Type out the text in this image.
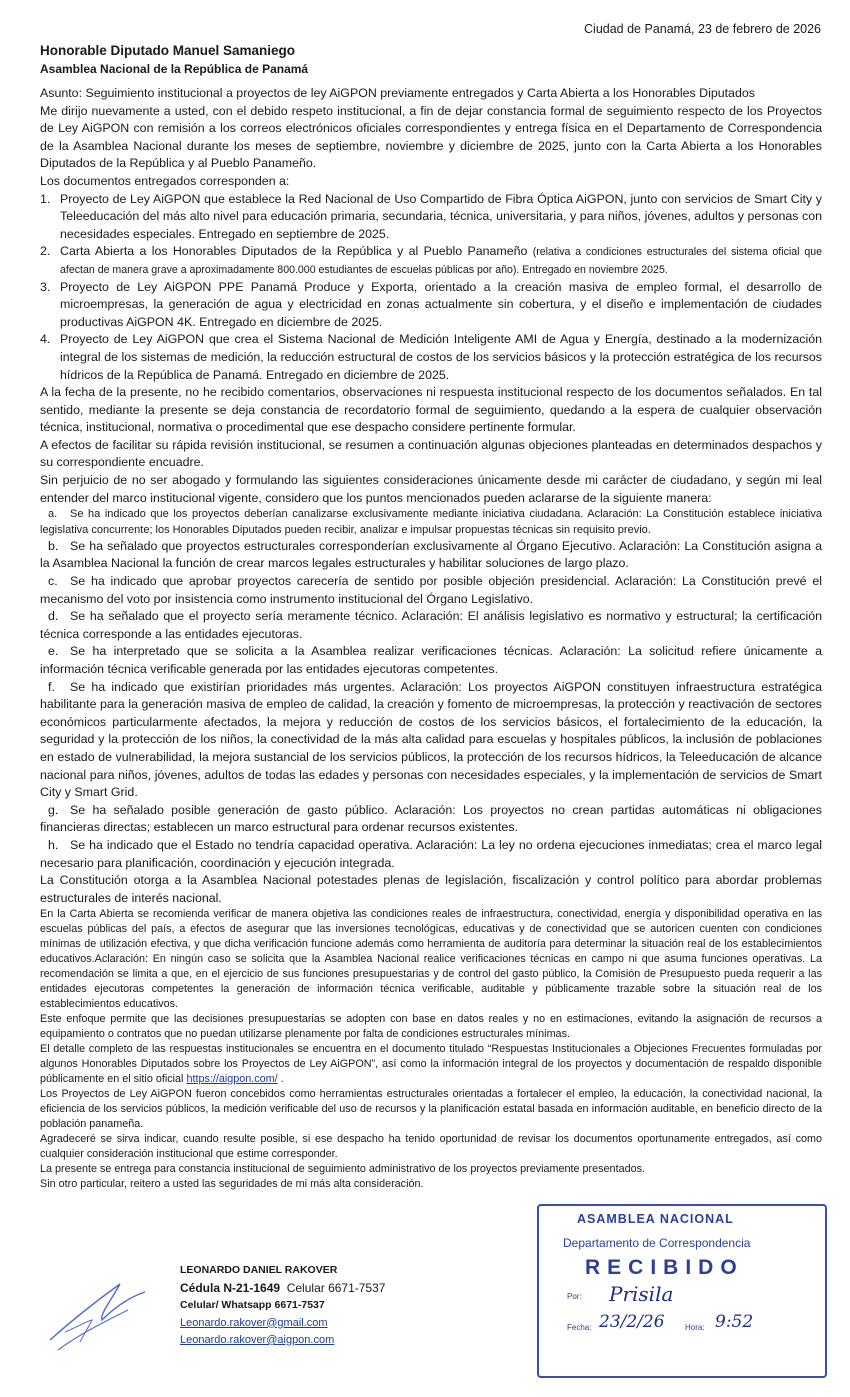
Ciudad de Panamá, 23 de febrero de 2026
Honorable Diputado Manuel Samaniego
Asamblea Nacional de la República de Panamá

Asunto: Seguimiento institucional a proyectos de ley AiGPON previamente entregados y Carta Abierta a los Honorables Diputados

Me dirijo nuevamente a usted, con el debido respeto institucional, a fin de dejar constancia formal de seguimiento respecto de los Proyectos de Ley AiGPON con remisión a los correos electrónicos oficiales correspondientes y entrega física en el Departamento de Correspondencia de la Asamblea Nacional durante los meses de septiembre, noviembre y diciembre de 2025, junto con la Carta Abierta a los Honorables Diputados de la República y al Pueblo Panameño.

Los documentos entregados corresponden a:

1. Proyecto de Ley AiGPON que establece la Red Nacional de Uso Compartido de Fibra Óptica AiGPON, junto con servicios de Smart City y Teleeducación del más alto nivel para educación primaria, secundaria, técnica, universitaria, y para niños, jóvenes, adultos y personas con necesidades especiales. Entregado en septiembre de 2025.
2. Carta Abierta a los Honorables Diputados de la República y al Pueblo Panameño (relativa a condiciones estructurales del sistema oficial que afectan de manera grave a aproximadamente 800.000 estudiantes de escuelas públicas por año). Entregado en noviembre 2025.
3. Proyecto de Ley AiGPON PPE Panamá Produce y Exporta, orientado a la creación masiva de empleo formal, el desarrollo de microempresas, la generación de agua y electricidad en zonas actualmente sin cobertura, y el diseño e implementación de ciudades productivas AiGPON 4K. Entregado en diciembre de 2025.
4. Proyecto de Ley AiGPON que crea el Sistema Nacional de Medición Inteligente AMI de Agua y Energía, destinado a la modernización integral de los sistemas de medición, la reducción estructural de costos de los servicios básicos y la protección estratégica de los recursos hídricos de la República de Panamá. Entregado en diciembre de 2025.

A la fecha de la presente, no he recibido comentarios, observaciones ni respuesta institucional respecto de los documentos señalados. En tal sentido, mediante la presente se deja constancia de recordatorio formal de seguimiento, quedando a la espera de cualquier observación técnica, institucional, normativa o procedimental que ese despacho considere pertinente formular.

A efectos de facilitar su rápida revisión institucional, se resumen a continuación algunas objeciones planteadas en determinados despachos y su correspondiente encuadre.

Sin perjuicio de no ser abogado y formulando las siguientes consideraciones únicamente desde mi carácter de ciudadano, y según mi leal entender del marco institucional vigente, considero que los puntos mencionados pueden aclararse de la siguiente manera:

a. Se ha indicado que los proyectos deberían canalizarse exclusivamente mediante iniciativa ciudadana. Aclaración: La Constitución establece iniciativa legislativa concurrente; los Honorables Diputados pueden recibir, analizar e impulsar propuestas técnicas sin requisito previo.

b. Se ha señalado que proyectos estructurales corresponderían exclusivamente al Órgano Ejecutivo. Aclaración: La Constitución asigna a la Asamblea Nacional la función de crear marcos legales estructurales y habilitar soluciones de largo plazo.

c. Se ha indicado que aprobar proyectos carecería de sentido por posible objeción presidencial. Aclaración: La Constitución prevé el mecanismo del voto por insistencia como instrumento institucional del Órgano Legislativo.

d. Se ha señalado que el proyecto sería meramente técnico. Aclaración: El análisis legislativo es normativo y estructural; la certificación técnica corresponde a las entidades ejecutoras.

e. Se ha interpretado que se solicita a la Asamblea realizar verificaciones técnicas. Aclaración: La solicitud refiere únicamente a información técnica verificable generada por las entidades ejecutoras competentes.

f. Se ha indicado que existirían prioridades más urgentes. Aclaración: Los proyectos AiGPON constituyen infraestructura estratégica habilitante para la generación masiva de empleo de calidad, la creación y fomento de microempresas, la protección y reactivación de sectores económicos particularmente afectados, la mejora y reducción de costos de los servicios básicos, el fortalecimiento de la educación, la seguridad y la protección de los niños, la conectividad de la más alta calidad para escuelas y hospitales públicos, la inclusión de poblaciones en estado de vulnerabilidad, la mejora sustancial de los servicios públicos, la protección de los recursos hídricos, la Teleeducación de alcance nacional para niños, jóvenes, adultos de todas las edades y personas con necesidades especiales, y la implementación de servicios de Smart City y Smart Grid.

g. Se ha señalado posible generación de gasto público. Aclaración: Los proyectos no crean partidas automáticas ni obligaciones financieras directas; establecen un marco estructural para ordenar recursos existentes.

h. Se ha indicado que el Estado no tendría capacidad operativa. Aclaración: La ley no ordena ejecuciones inmediatas; crea el marco legal necesario para planificación, coordinación y ejecución integrada.

La Constitución otorga a la Asamblea Nacional potestades plenas de legislación, fiscalización y control político para abordar problemas estructurales de interés nacional.

En la Carta Abierta se recomienda verificar de manera objetiva las condiciones reales de infraestructura, conectividad, energía y disponibilidad operativa en las escuelas públicas del país, a efectos de asegurar que las inversiones tecnológicas, educativas y de conectividad que se autoricen cuenten con condiciones mínimas de utilización efectiva, y que dicha verificación funcione además como herramienta de auditoría para determinar la situación real de los establecimientos educativos.Aclaración: En ningún caso se solicita que la Asamblea Nacional realice verificaciones técnicas en campo ni que asuma funciones operativas. La recomendación se limita a que, en el ejercicio de sus funciones presupuestarias y de control del gasto público, la Comisión de Presupuesto pueda requerir a las entidades ejecutoras competentes la generación de información técnica verificable, auditable y públicamente trazable sobre la situación real de los establecimientos educativos.

Este enfoque permite que las decisiones presupuestarias se adopten con base en datos reales y no en estimaciones, evitando la asignación de recursos a equipamiento o contratos que no puedan utilizarse plenamente por falta de condiciones estructurales mínimas.

El detalle completo de las respuestas institucionales se encuentra en el documento titulado “Respuestas Institucionales a Objeciones Frecuentes formuladas por algunos Honorables Diputados sobre los Proyectos de Ley AiGPON”, así como la información integral de los proyectos y documentación de respaldo disponible públicamente en el sitio oficial https://aigpon.com/ .

Los Proyectos de Ley AiGPON fueron concebidos como herramientas estructurales orientadas a fortalecer el empleo, la educación, la conectividad nacional, la eficiencia de los servicios públicos, la medición verificable del uso de recursos y la planificación estatal basada en información auditable, en beneficio directo de la población panameña.

Agradeceré se sirva indicar, cuando resulte posible, si ese despacho ha tenido oportunidad de revisar los documentos oportunamente entregados, así como cualquier consideración institucional que estime corresponder.

La presente se entrega para constancia institucional de seguimiento administrativo de los proyectos previamente presentados.

Sin otro particular, reitero a usted las seguridades de mi más alta consideración.

LEONARDO DANIEL RAKOVER
Cédula N-21-1649 Celular 6671-7537
Celular/ Whatsapp 6671-7537
Leonardo.rakover@gmail.com
Leonardo.rakover@aigpon.com
ASAMBLEA NACIONAL
Departamento de Correspondencia
RECIBIDO
Por: Prisila
Fecha: 23/2/26	Hora: 9:52
